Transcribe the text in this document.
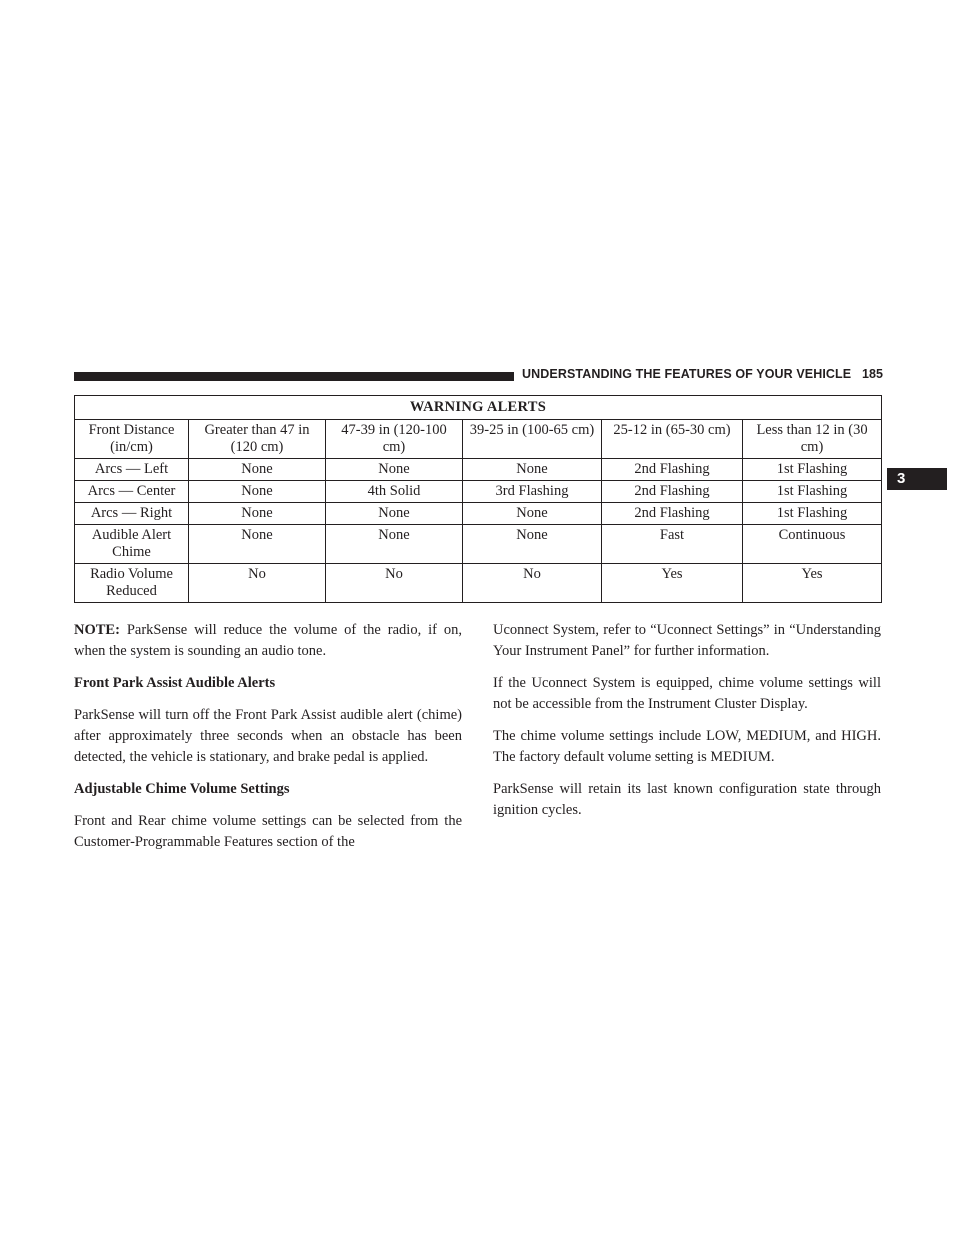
UNDERSTANDING THE FEATURES OF YOUR VEHICLE 185
3
WARNING ALERTS					
Front Distance (in/cm)	Greater than 47 in (120 cm)	47-39 in (120-100 cm)	39-25 in (100-65 cm)	25-12 in (65-30 cm)	Less than 12 in (30 cm)
Arcs — Left	None	None	None	2nd Flashing	1st Flashing
Arcs — Center	None	4th Solid	3rd Flashing	2nd Flashing	1st Flashing
Arcs — Right	None	None	None	2nd Flashing	1st Flashing
Audible Alert Chime	None	None	None	Fast	Continuous
Radio Volume Reduced	No	No	No	Yes	Yes

NOTE: ParkSense will reduce the volume of the radio, if on, when the system is sounding an audio tone.

Front Park Assist Audible Alerts

ParkSense will turn off the Front Park Assist audible alert (chime) after approximately three seconds when an obstacle has been detected, the vehicle is stationary, and brake pedal is applied.

Adjustable Chime Volume Settings

Front and Rear chime volume settings can be selected from the Customer-Programmable Features section of the

Uconnect System, refer to “Uconnect Settings” in “Understanding Your Instrument Panel” for further information.

If the Uconnect System is equipped, chime volume settings will not be accessible from the Instrument Cluster Display.

The chime volume settings include LOW, MEDIUM, and HIGH. The factory default volume setting is MEDIUM.

ParkSense will retain its last known configuration state through ignition cycles.
